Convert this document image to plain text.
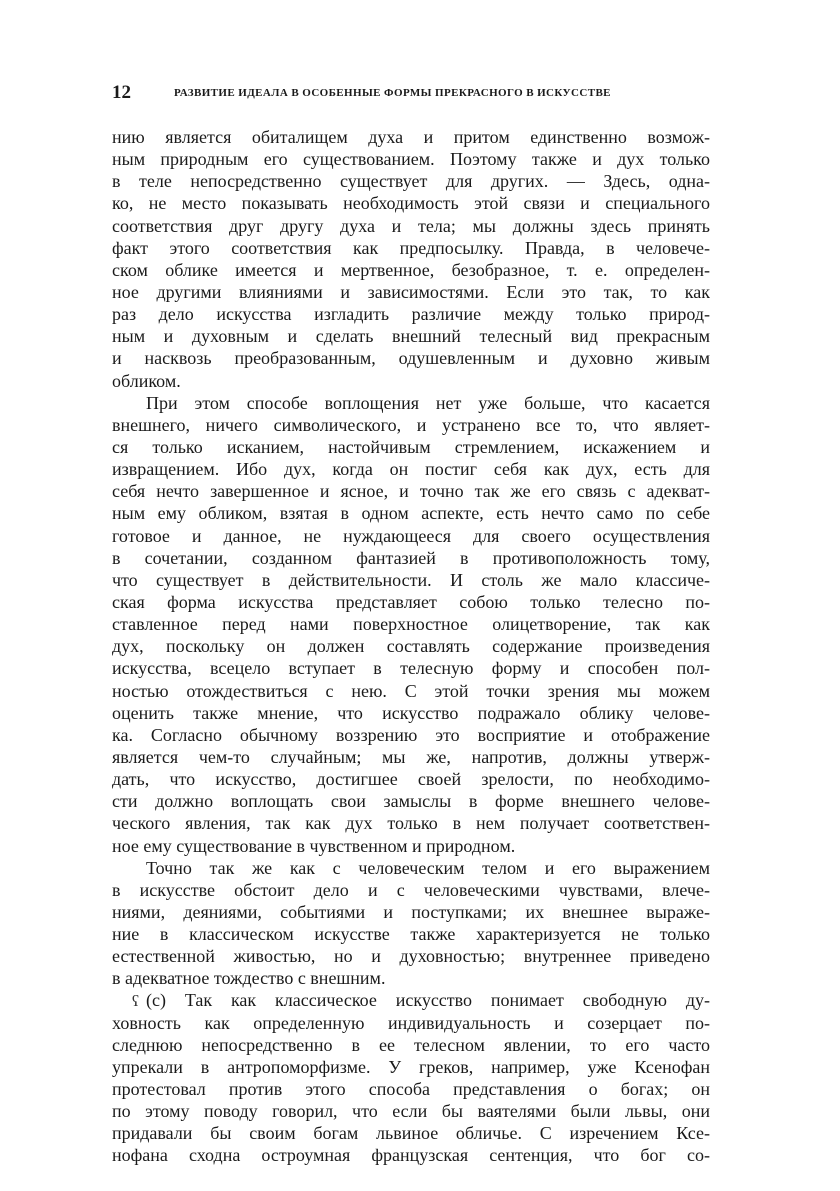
12	РАЗВИТИЕ ИДЕАЛА В ОСОБЕННЫЕ ФОРМЫ ПРЕКРАСНОГО В ИСКУССТВЕ
нию является обиталищем духа и притом единственно возмож-
ным природным его существованием. Поэтому также и дух только
в теле непосредственно существует для других. — Здесь, одна-
ко, не место показывать необходимость этой связи и специального
соответствия друг другу духа и тела; мы должны здесь принять
факт этого соответствия как предпосылку. Правда, в человече-
ском облике имеется и мертвенное, безобразное, т. е. определен-
ное другими влияниями и зависимостями. Если это так, то как
раз дело искусства изгладить различие между только природ-
ным и духовным и сделать внешний телесный вид прекрасным
и насквозь преобразованным, одушевленным и духовно живым
обликом.
При этом способе воплощения нет уже больше, что касается
внешнего, ничего символического, и устранено все то, что являет-
ся только исканием, настойчивым стремлением, искажением и
извращением. Ибо дух, когда он постиг себя как дух, есть для
себя нечто завершенное и ясное, и точно так же его связь с адекват-
ным ему обликом, взятая в одном аспекте, есть нечто само по себе
готовое и данное, не нуждающееся для своего осуществления
в сочетании, созданном фантазией в противоположность тому,
что существует в действительности. И столь же мало классиче-
ская форма искусства представляет собою только телесно по-
ставленное перед нами поверхностное олицетворение, так как
дух, поскольку он должен составлять содержание произведения
искусства, всецело вступает в телесную форму и способен пол-
ностью отождествиться с нею. С этой точки зрения мы можем
оценить также мнение, что искусство подражало облику челове-
ка. Согласно обычному воззрению это восприятие и отображение
является чем-то случайным; мы же, напротив, должны утверж-
дать, что искусство, достигшее своей зрелости, по необходимо-
сти должно воплощать свои замыслы в форме внешнего челове-
ческого явления, так как дух только в нем получает соответствен-
ное ему существование в чувственном и природном.
Точно так же как с человеческим телом и его выражением
в искусстве обстоит дело и с человеческими чувствами, влече-
ниями, деяниями, событиями и поступками; их внешнее выраже-
ние в классическом искусстве также характеризуется не только
естественной живостью, но и духовностью; внутреннее приведено
в адекватное тождество с внешним.
ʕ (с) Так как классическое искусство понимает свободную ду-
ховность как определенную индивидуальность и созерцает по-
следнюю непосредственно в ее телесном явлении, то его часто
упрекали в антропоморфизме. У греков, например, уже Ксенофан
протестовал против этого способа представления о богах; он
по этому поводу говорил, что если бы ваятелями были львы, они
придавали бы своим богам львиное обличье. С изречением Ксе-
нофана сходна остроумная французская сентенция, что бог со-
